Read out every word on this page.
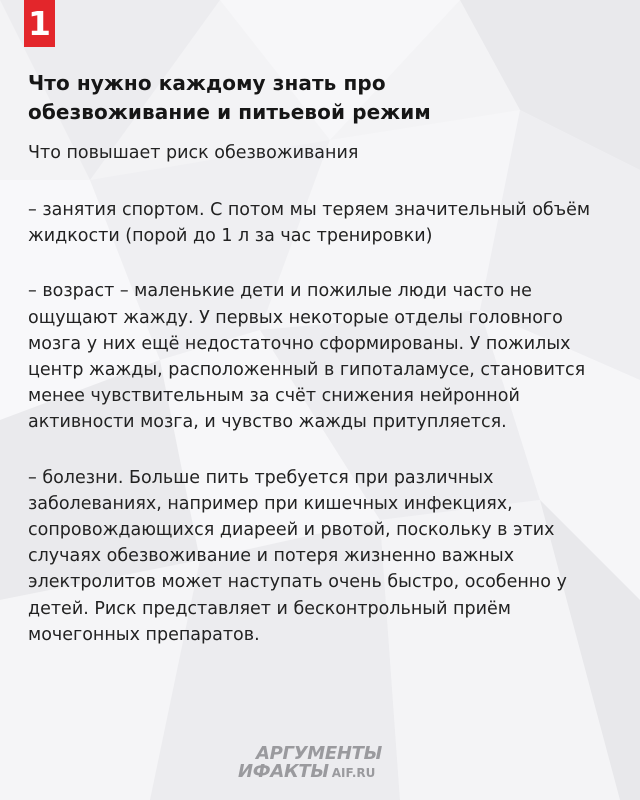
1
Что нужно каждому знать про обезвоживание и питьевой режим
Что повышает риск обезвоживания
– занятия спортом. С потом мы теряем значительный объём жидкости (порой до 1 л за час тренировки)
– возраст – маленькие дети и пожилые люди часто не ощущают жажду. У первых некоторые отделы головного мозга у них ещё недостаточно сформированы. У пожилых центр жажды, расположенный в гипоталамусе, становится менее чувствительным за счёт снижения нейронной активности мозга, и чувство жажды притупляется.
– болезни. Больше пить требуется при различных заболеваниях, например при кишечных инфекциях, сопровождающихся диареей и рвотой, поскольку в этих случаях обезвоживание и потеря жизненно важных электролитов может наступать очень быстро, особенно у детей. Риск представляет и бесконтрольный приём мочегонных препаратов.
АРГУМЕНТЫ
ИФАКТЫ AIF.RU
